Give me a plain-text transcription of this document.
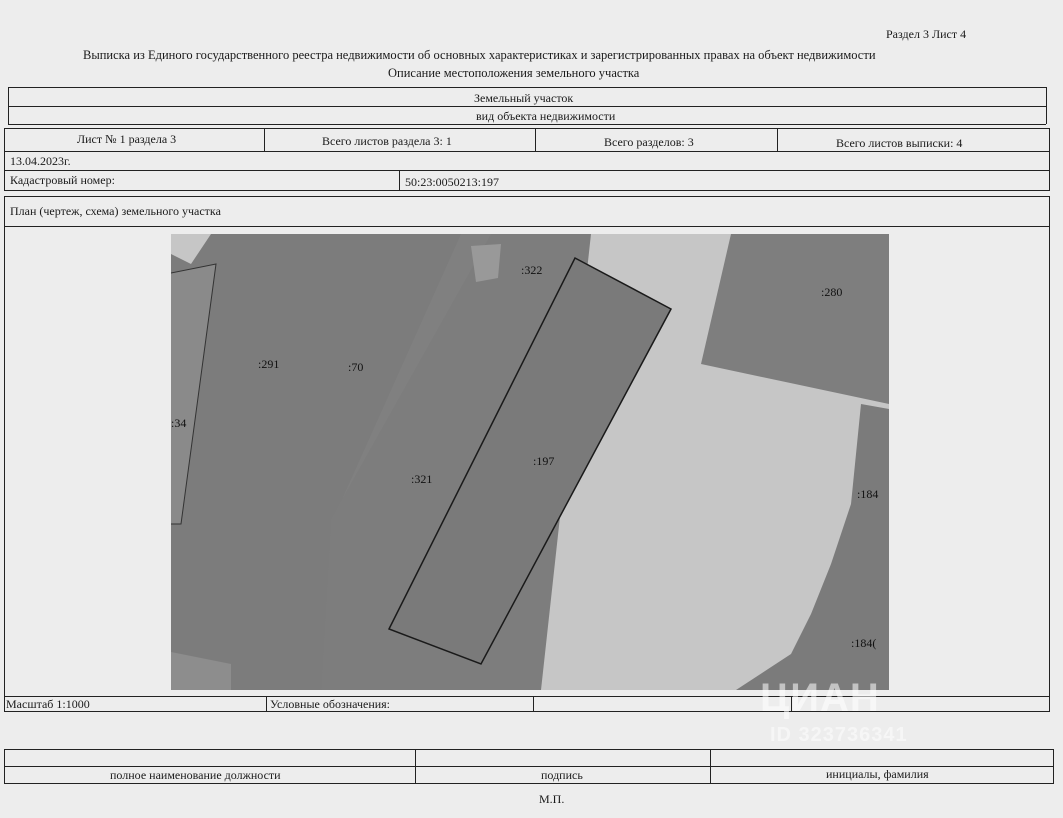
Раздел 3 Лист 4
Выписка из Единого государственного реестра недвижимости об основных характеристиках и зарегистрированных правах на объект недвижимости
Описание местоположения земельного участка
Земельный участок
вид объекта недвижимости
Лист № 1 раздела 3	Всего листов раздела 3: 1	Всего разделов: 3	Всего листов выписки: 4
13.04.2023г.
Кадастровый номер:	50:23:0050213:197
План (чертеж, схема) земельного участка
:322
:280
:291	:70
:34
:321
:197
:184
:184(
Масштаб 1:1000	Условные обозначения:
полное наименование должности	подпись	инициалы, фамилия
М.П.
ЦИАН
ID 323736341
